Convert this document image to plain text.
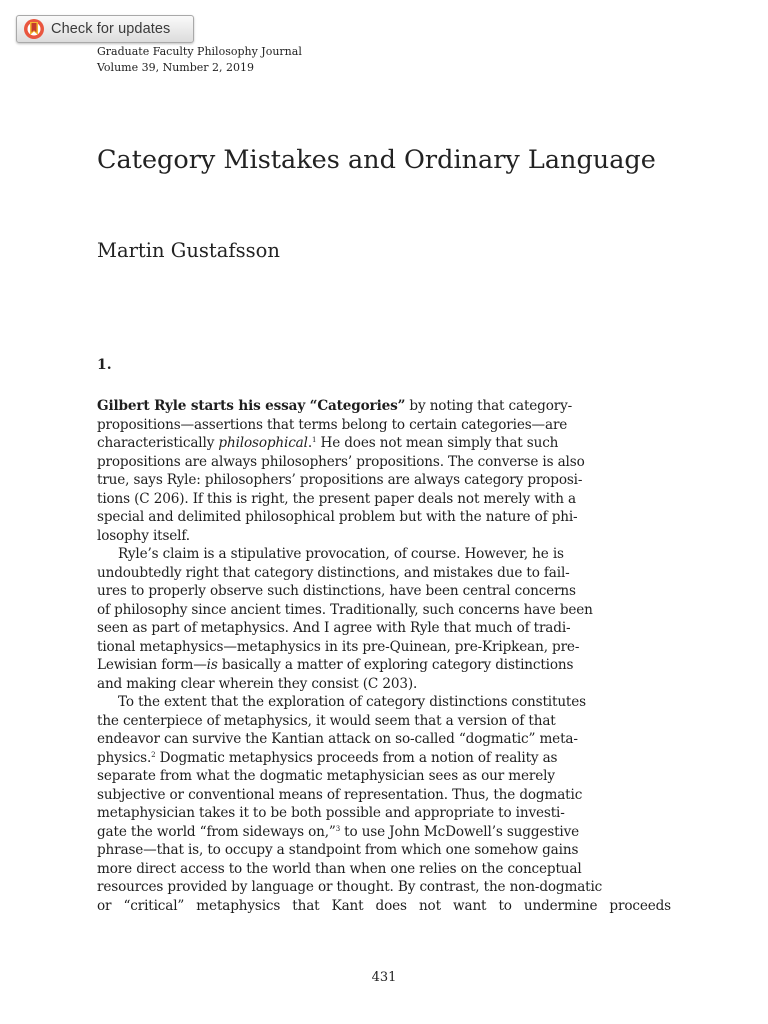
Check for updates
Graduate Faculty Philosophy Journal
Volume 39, Number 2, 2019
Category Mistakes and Ordinary Language
Martin Gustafsson
1.

Gilbert Ryle starts his essay “Categories” by noting that category-

propositions—assertions that terms belong to certain categories—are

characteristically philosophical.$^1$ He does not mean simply that such

propositions are always philosophers’ propositions. The converse is also

true, says Ryle: philosophers’ propositions are always category proposi-

tions (C 206). If this is right, the present paper deals not merely with a

special and delimited philosophical problem but with the nature of phi-

losophy itself.

Ryle’s claim is a stipulative provocation, of course. However, he is

undoubtedly right that category distinctions, and mistakes due to fail-

ures to properly observe such distinctions, have been central concerns

of philosophy since ancient times. Traditionally, such concerns have been

seen as part of metaphysics. And I agree with Ryle that much of tradi-

tional metaphysics—metaphysics in its pre-Quinean, pre-Kripkean, pre-

Lewisian form—is basically a matter of exploring category distinctions

and making clear wherein they consist (C 203).

To the extent that the exploration of category distinctions constitutes

the centerpiece of metaphysics, it would seem that a version of that

endeavor can survive the Kantian attack on so-called “dogmatic” meta-

physics.$^2$ Dogmatic metaphysics proceeds from a notion of reality as

separate from what the dogmatic metaphysician sees as our merely

subjective or conventional means of representation. Thus, the dogmatic

metaphysician takes it to be both possible and appropriate to investi-

gate the world “from sideways on,”$^3$ to use John McDowell’s suggestive

phrase—that is, to occupy a standpoint from which one somehow gains

more direct access to the world than when one relies on the conceptual

resources provided by language or thought. By contrast, the non-dogmatic

or “critical” metaphysics that Kant does not want to undermine proceeds

431
